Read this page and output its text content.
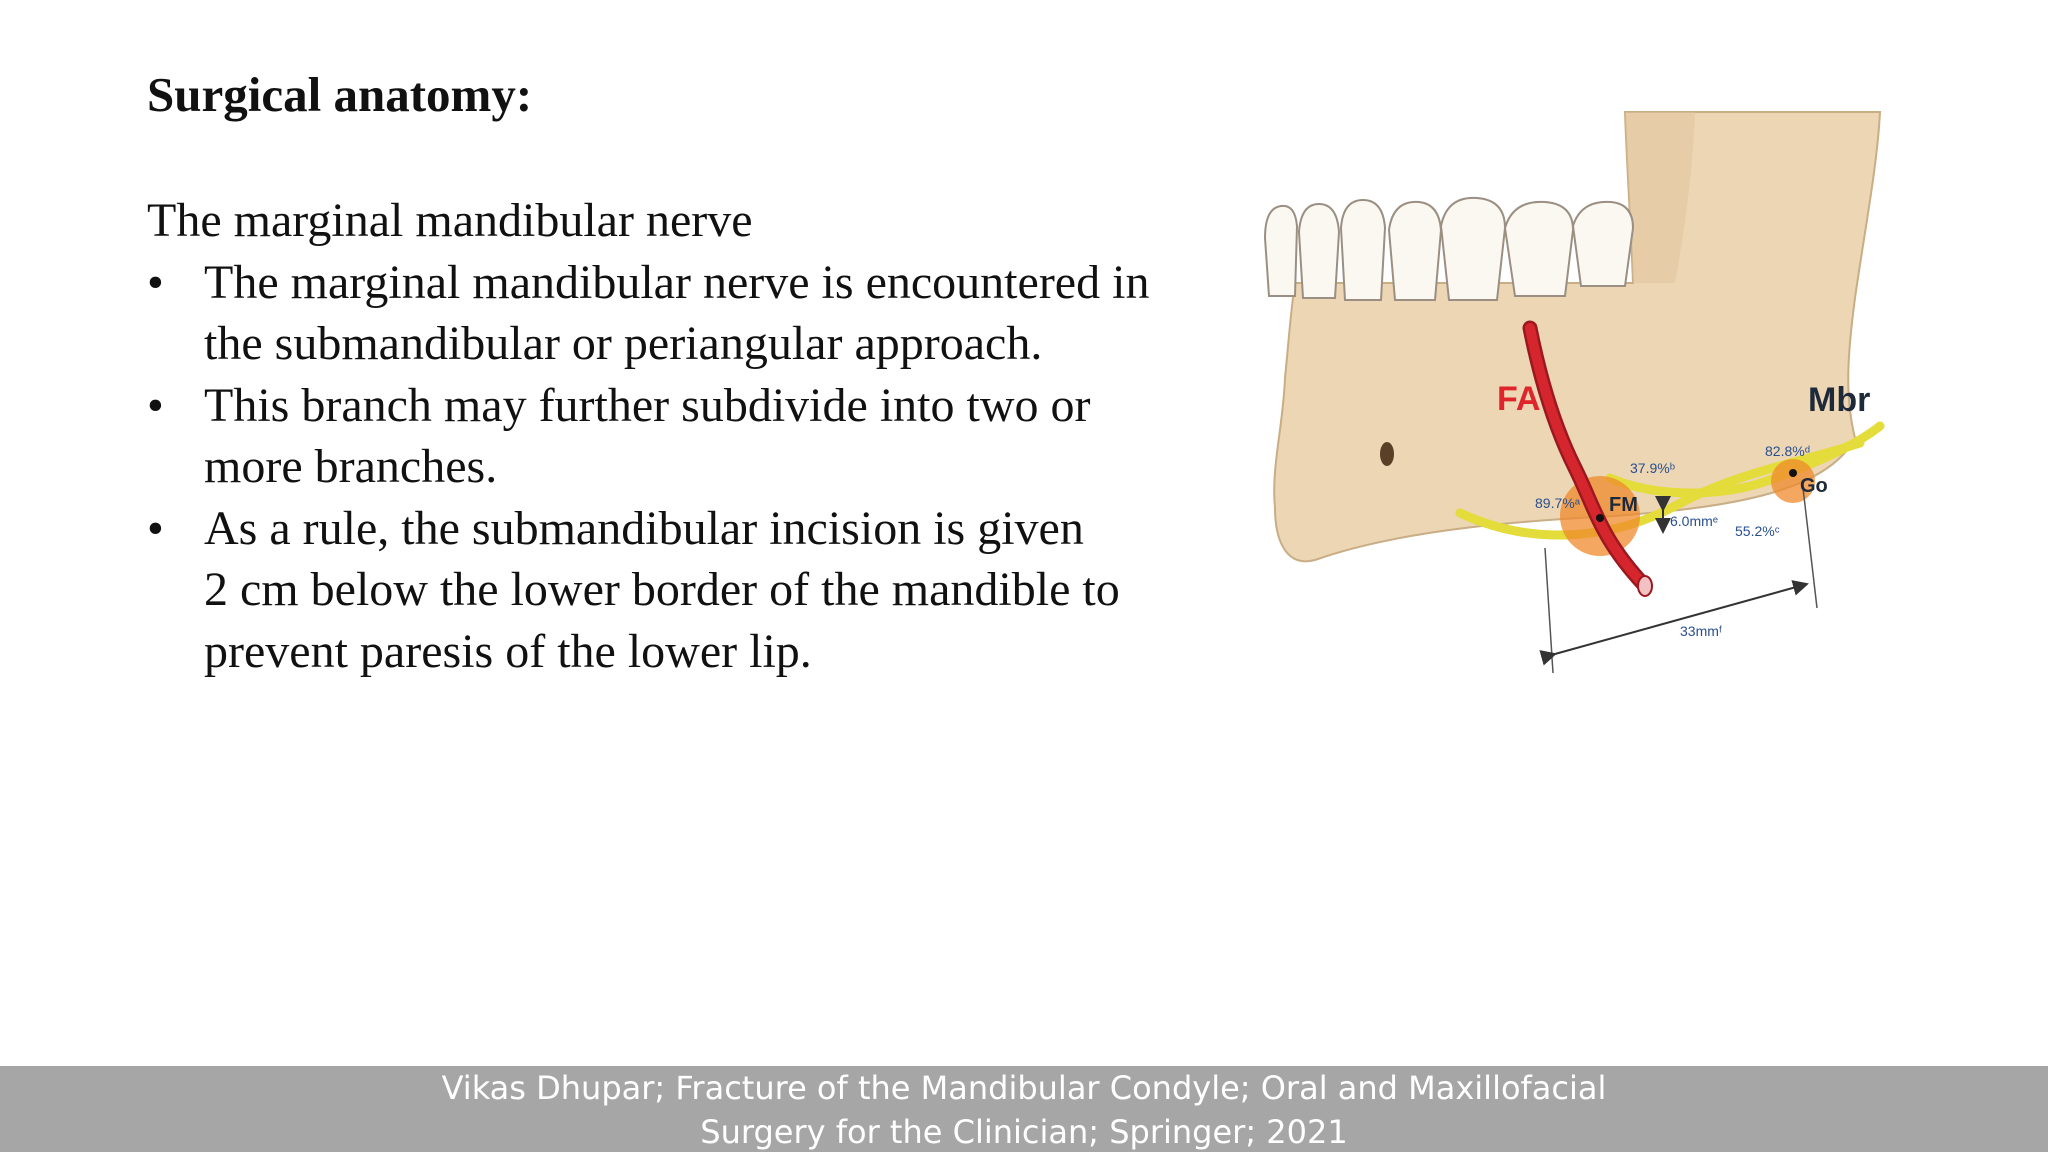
Surgical anatomy:

The marginal mandibular nerve

• The marginal mandibular nerve is encountered in
the submandibular or periangular approach.
• This branch may further subdivide into two or
more branches.
• As a rule, the submandibular incision is given
2 cm below the lower border of the mandible to
prevent paresis of the lower lip.
FA	Mbr
FM
Go
89.7%ᵃ
37.9%ᵇ
82.8%ᵈ
55.2%ᶜ
6.0mmᵉ
33mmᶠ
Vikas Dhupar; Fracture of the Mandibular Condyle; Oral and Maxillofacial
Surgery for the Clinician; Springer; 2021
